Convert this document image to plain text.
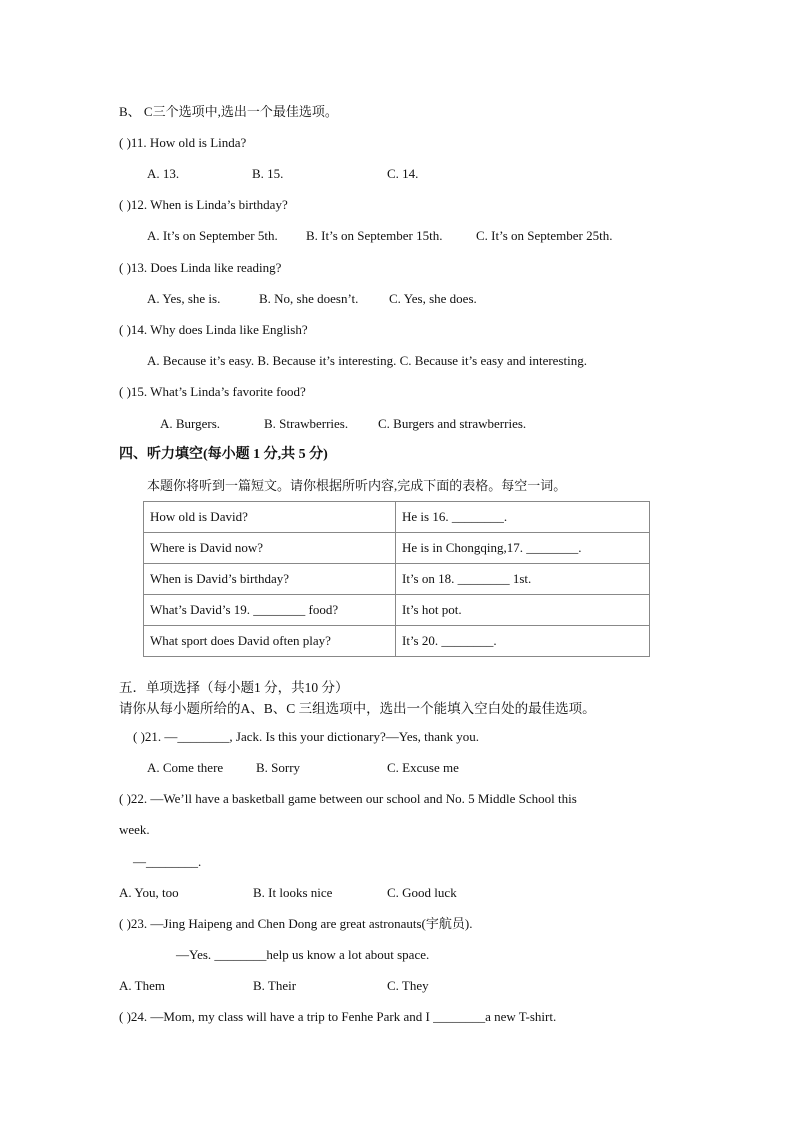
B、 C三个选项中,选出一个最佳选项。
( )11. How old is Linda?
A. 13.	B. 15.	C. 14.
( )12. When is Linda’s birthday?
A. It’s on September 5th. B. It’s on September 15th.	C. It’s on September 25th.
( )13. Does Linda like reading?
A. Yes, she is.	B. No, she doesn’t. C. Yes, she does.
( )14. Why does Linda like English?
A. Because it’s easy. B. Because it’s interesting. C. Because it’s easy and interesting.
( )15. What’s Linda’s favorite food?
A. Burgers.	B. Strawberries. C. Burgers and strawberries.
四、听力填空(每小题 1 分,共 5 分)
本题你将听到一篇短文。请你根据所听内容,完成下面的表格。每空一词。
How old is David?	He is 16. ________.
Where is David now?	He is in Chongqing,17. ________.
When is David’s birthday?	It’s on 18. ________ 1st.
What’s David’s 19. ________ food?	It’s hot pot.
What sport does David often play?	It’s 20. ________.
五．单项选择（每小题1 分，共10 分）
请你从每小题所给的A、B、C 三组选项中，选出一个能填入空白处的最佳选项。
( )21. —________, Jack. Is this your dictionary?—Yes, thank you.
A. Come there	B. Sorry	C. Excuse me
( )22. —We’ll have a basketball game between our school and No. 5 Middle School this
week.
—________.
A. You, too	B. It looks nice	C. Good luck
( )23. —Jing Haipeng and Chen Dong are great astronauts(宇航员).
—Yes. ________help us know a lot about space.
A. Them	B. Their	C. They
( )24. —Mom, my class will have a trip to Fenhe Park and I ________a new T-shirt.
